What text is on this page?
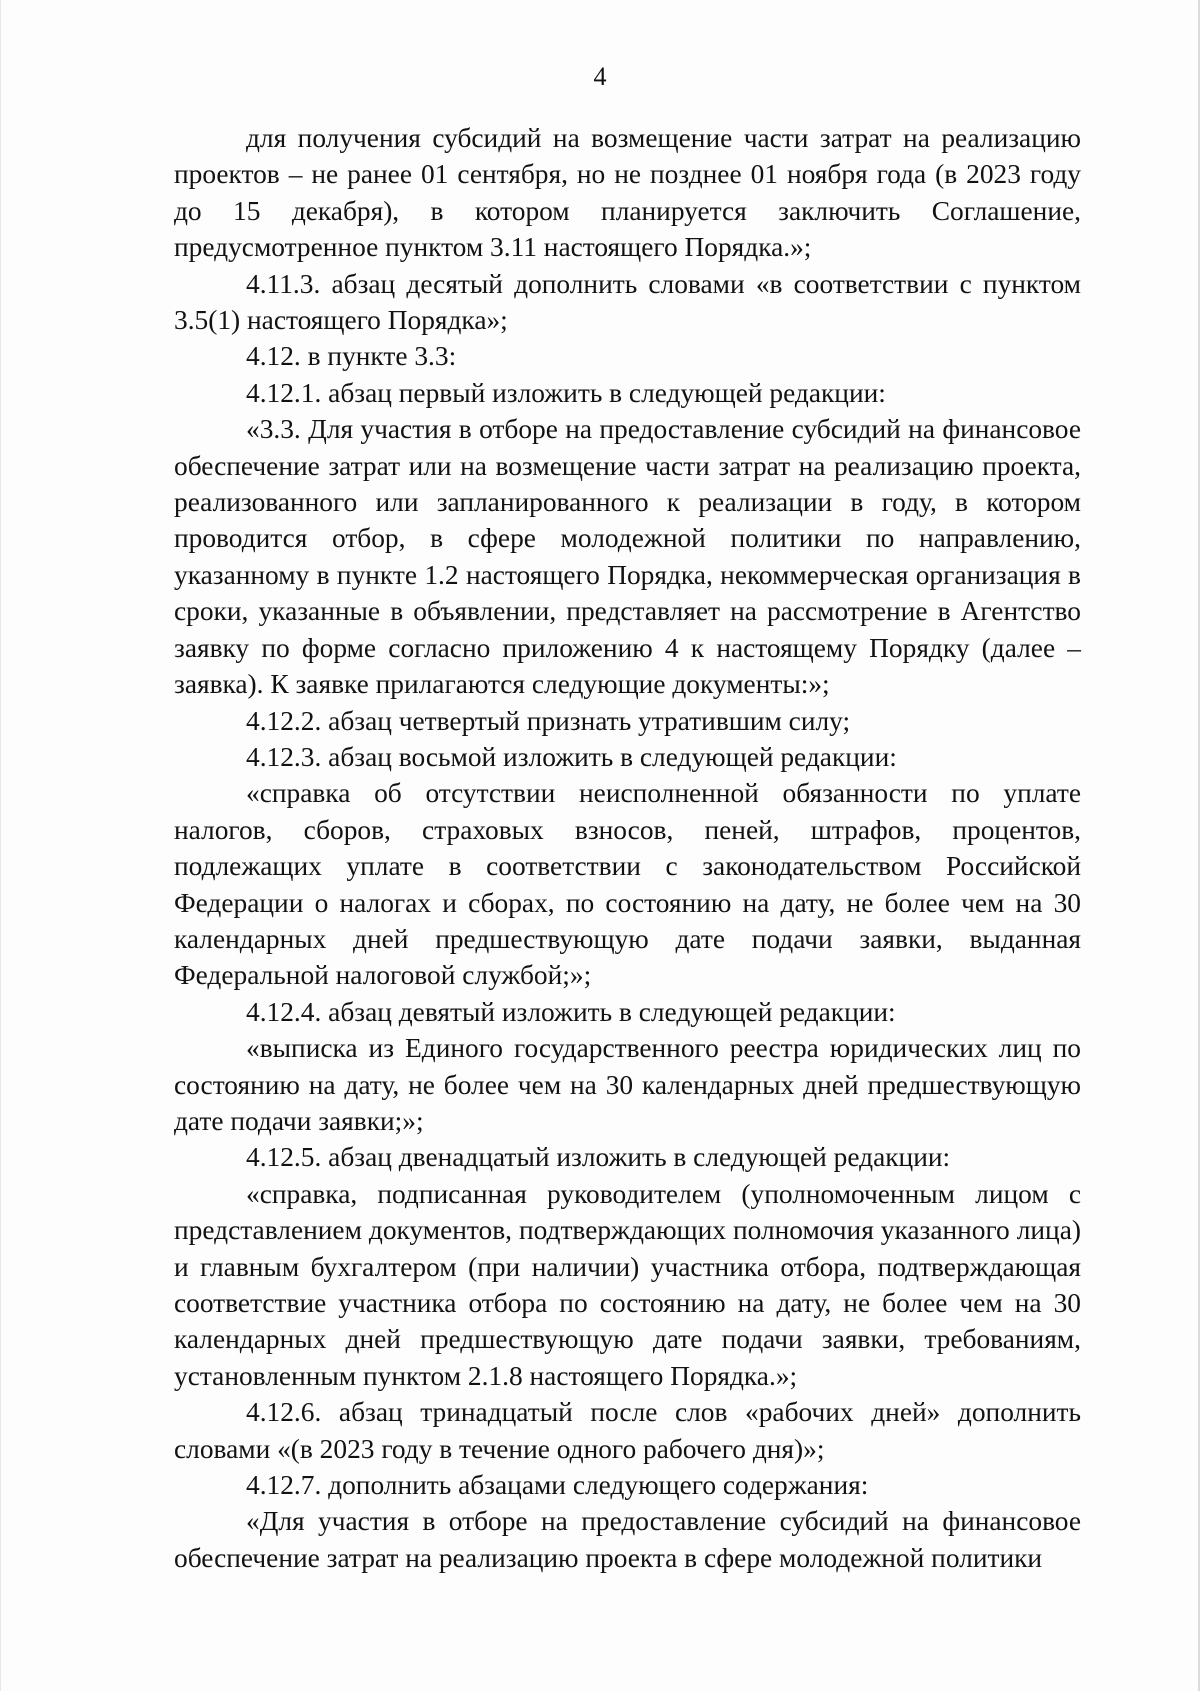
4

для получения субсидий на возмещение части затрат на реализацию проектов – не ранее 01 сентября, но не позднее 01 ноября года (в 2023 году до 15 декабря), в котором планируется заключить Соглашение, предусмотренное пунктом 3.11 настоящего Порядка.»;

4.11.3. абзац десятый дополнить словами «в соответствии с пунктом 3.5(1) настоящего Порядка»;

4.12. в пункте 3.3:

4.12.1. абзац первый изложить в следующей редакции:

«3.3. Для участия в отборе на предоставление субсидий на финансовое обеспечение затрат или на возмещение части затрат на реализацию проекта, реализованного или запланированного к реализации в году, в котором проводится отбор, в сфере молодежной политики по направлению, указанному в пункте 1.2 настоящего Порядка, некоммерческая организация в сроки, указанные в объявлении, представляет на рассмотрение в Агентство заявку по форме согласно приложению 4 к настоящему Порядку (далее – заявка). К заявке прилагаются следующие документы:»;

4.12.2. абзац четвертый признать утратившим силу;

4.12.3. абзац восьмой изложить в следующей редакции:

«справка об отсутствии неисполненной обязанности по уплате налогов, сборов, страховых взносов, пеней, штрафов, процентов, подлежащих уплате в соответствии с законодательством Российской Федерации о налогах и сборах, по состоянию на дату, не более чем на 30 календарных дней предшествующую дате подачи заявки, выданная Федеральной налоговой службой;»;

4.12.4. абзац девятый изложить в следующей редакции:

«выписка из Единого государственного реестра юридических лиц по состоянию на дату, не более чем на 30 календарных дней предшествующую дате подачи заявки;»;

4.12.5. абзац двенадцатый изложить в следующей редакции:

«справка, подписанная руководителем (уполномоченным лицом с представлением документов, подтверждающих полномочия указанного лица) и главным бухгалтером (при наличии) участника отбора, подтверждающая соответствие участника отбора по состоянию на дату, не более чем на 30 календарных дней предшествующую дате подачи заявки, требованиям, установленным пунктом 2.1.8 настоящего Порядка.»;

4.12.6. абзац тринадцатый после слов «рабочих дней» дополнить словами «(в 2023 году в течение одного рабочего дня)»;

4.12.7. дополнить абзацами следующего содержания:

«Для участия в отборе на предоставление субсидий на финансовое обеспечение затрат на реализацию проекта в сфере молодежной политики
